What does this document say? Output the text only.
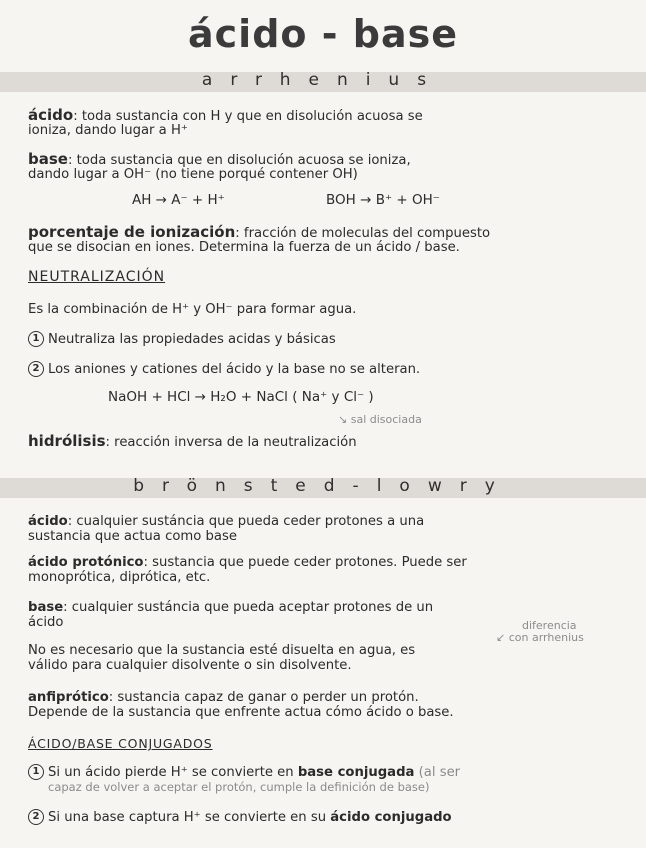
ácido - base
arrhenius
ácido: toda sustancia con H y que en disolución acuosa se
ioniza, dando lugar a H⁺
base: toda sustancia que en disolución acuosa se ioniza,
dando lugar a OH⁻ (no tiene porqué contener OH)
AH → A⁻ + H⁺	BOH → B⁺ + OH⁻
porcentaje de ionización: fracción de moleculas del compuesto
que se disocian en iones. Determina la fuerza de un ácido / base.
NEUTRALIZACIÓN
Es la combinación de H⁺ y OH⁻ para formar agua.
1 Neutraliza las propiedades acidas y básicas
2 Los aniones y cationes del ácido y la base no se alteran.
NaOH + HCl → H₂O + NaCl ( Na⁺ y Cl⁻ )
↘ sal disociada
hidrólisis: reacción inversa de la neutralización
brönsted-lowry
ácido: cualquier sustáncia que pueda ceder protones a una
sustancia que actua como base
ácido protónico: sustancia que puede ceder protones. Puede ser
monoprótica, diprótica, etc.
base: cualquier sustáncia que pueda aceptar protones de un
ácido	diferencia
↙ con arrhenius
No es necesario que la sustancia esté disuelta en agua, es
válido para cualquier disolvente o sin disolvente.
anfiprótico: sustancia capaz de ganar o perder un protón.
Depende de la sustancia que enfrente actua cómo ácido o base.
ÁCIDO/BASE CONJUGADOS
1 Si un ácido pierde H⁺ se convierte en base conjugada (al ser
capaz de volver a aceptar el protón, cumple la definición de base)
2 Si una base captura H⁺ se convierte en su ácido conjugado
